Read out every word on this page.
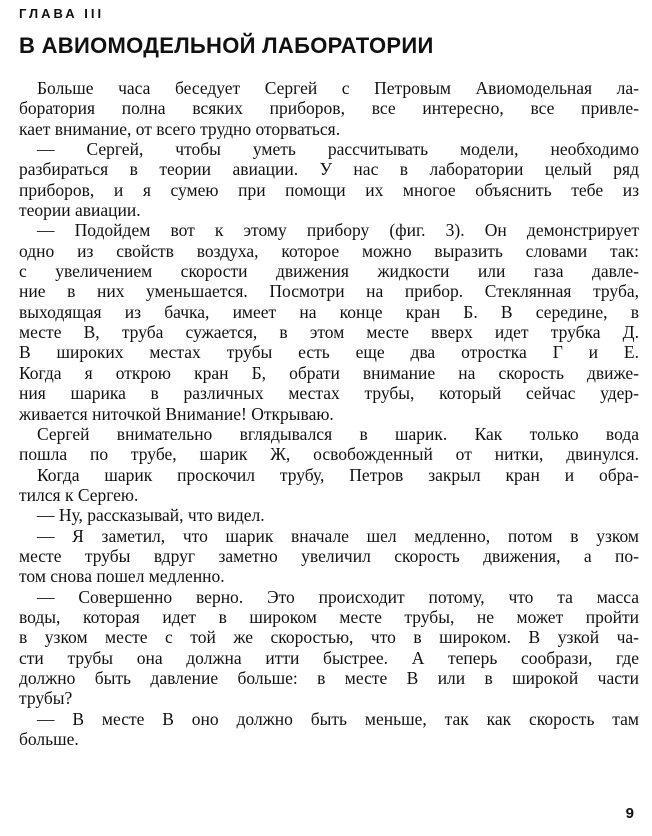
ГЛАВА III
В АВИОМОДЕЛЬНОЙ ЛАБОРАТОРИИ
Больше часа беседует Сергей с Петровым Авиомодельная ла-
боратория полна всяких приборов, все интересно, все привле-
кает внимание, от всего трудно оторваться.
— Сергей, чтобы уметь рассчитывать модели, необходимо
разбираться в теории авиации. У нас в лаборатории целый ряд
приборов, и я сумею при помощи их многое объяснить тебе из
теории авиации.
— Подойдем вот к этому прибору (фиг. 3). Он демонстрирует
одно из свойств воздуха, которое можно выразить словами так:
с увеличением скорости движения жидкости или газа давле-
ние в них уменьшается. Посмотри на прибор. Стеклянная труба,
выходящая из бачка, имеет на конце кран Б. В середине, в
месте В, труба сужается, в этом месте вверх идет трубка Д.
В широких местах трубы есть еще два отростка Г и Е.
Когда я открою кран Б, обрати внимание на скорость движе-
ния шарика в различных местах трубы, который сейчас удер-
живается ниточкой Внимание! Открываю.
Сергей внимательно вглядывался в шарик. Как только вода
пошла по трубе, шарик Ж, освобожденный от нитки, двинулся.
Когда шарик проскочил трубу, Петров закрыл кран и обра-
тился к Сергею.
— Ну, рассказывай, что видел.
— Я заметил, что шарик вначале шел медленно, потом в узком
месте трубы вдруг заметно увеличил скорость движения, а по-
том снова пошел медленно.
— Совершенно верно. Это происходит потому, что та масса
воды, которая идет в широком месте трубы, не может пройти
в узком месте с той же скоростью, что в широком. В узкой ча-
сти трубы она должна итти быстрее. А теперь сообрази, где
должно быть давление больше: в месте В или в широкой части
трубы?
— В месте В оно должно быть меньше, так как скорость там
больше.
9
